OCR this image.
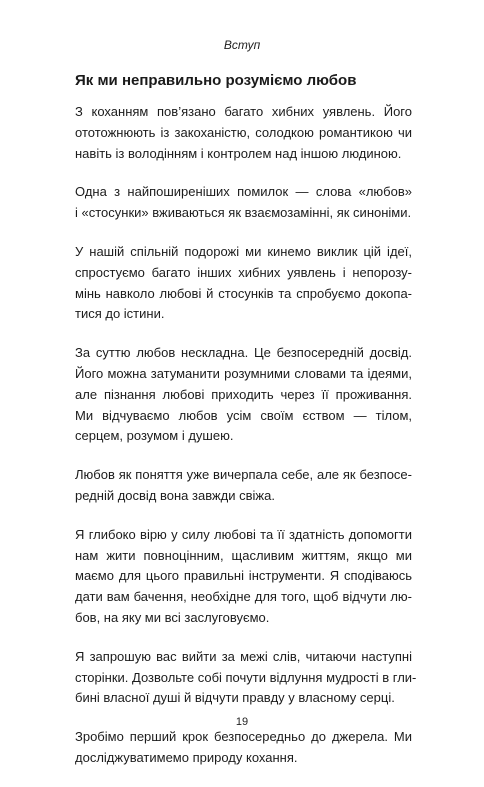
Вступ
Як ми неправильно розуміємо любов

З коханням пов’язано багато хибних уявлень. Його
ототожнюють із закоханістю, солодкою романтикою чи
навіть із володінням і контролем над іншою людиною.

Одна з найпоширеніших помилок — слова «любов»
і «стосунки» вживаються як взаємозамінні, як синоніми.

У нашій спільній подорожі ми кинемо виклик цій ідеї,
спростуємо багато інших хибних уявлень і непорозу-
мінь навколо любові й стосунків та спробуємо докопа-
тися до істини.

За суттю любов нескладна. Це безпосередній досвід.
Його можна затуманити розумними словами та ідеями,
але пізнання любові приходить через її проживання.
Ми відчуваємо любов усім своїм єством — тілом,
серцем, розумом і душею.

Любов як поняття уже вичерпала себе, але як безпосе-
редній досвід вона завжди свіжа.

Я глибоко вірю у силу любові та її здатність допомогти
нам жити повноцінним, щасливим життям, якщо ми
маємо для цього правильні інструменти. Я сподіваюсь
дати вам бачення, необхідне для того, щоб відчути лю-
бов, на яку ми всі заслуговуємо.

Я запрошую вас вийти за межі слів, читаючи наступні
сторінки. Дозвольте собі почути відлуння мудрості в гли-
бині власної душі й відчути правду у власному серці.

Зробімо перший крок безпосередньо до джерела. Ми
досліджуватимемо природу кохання.

19
